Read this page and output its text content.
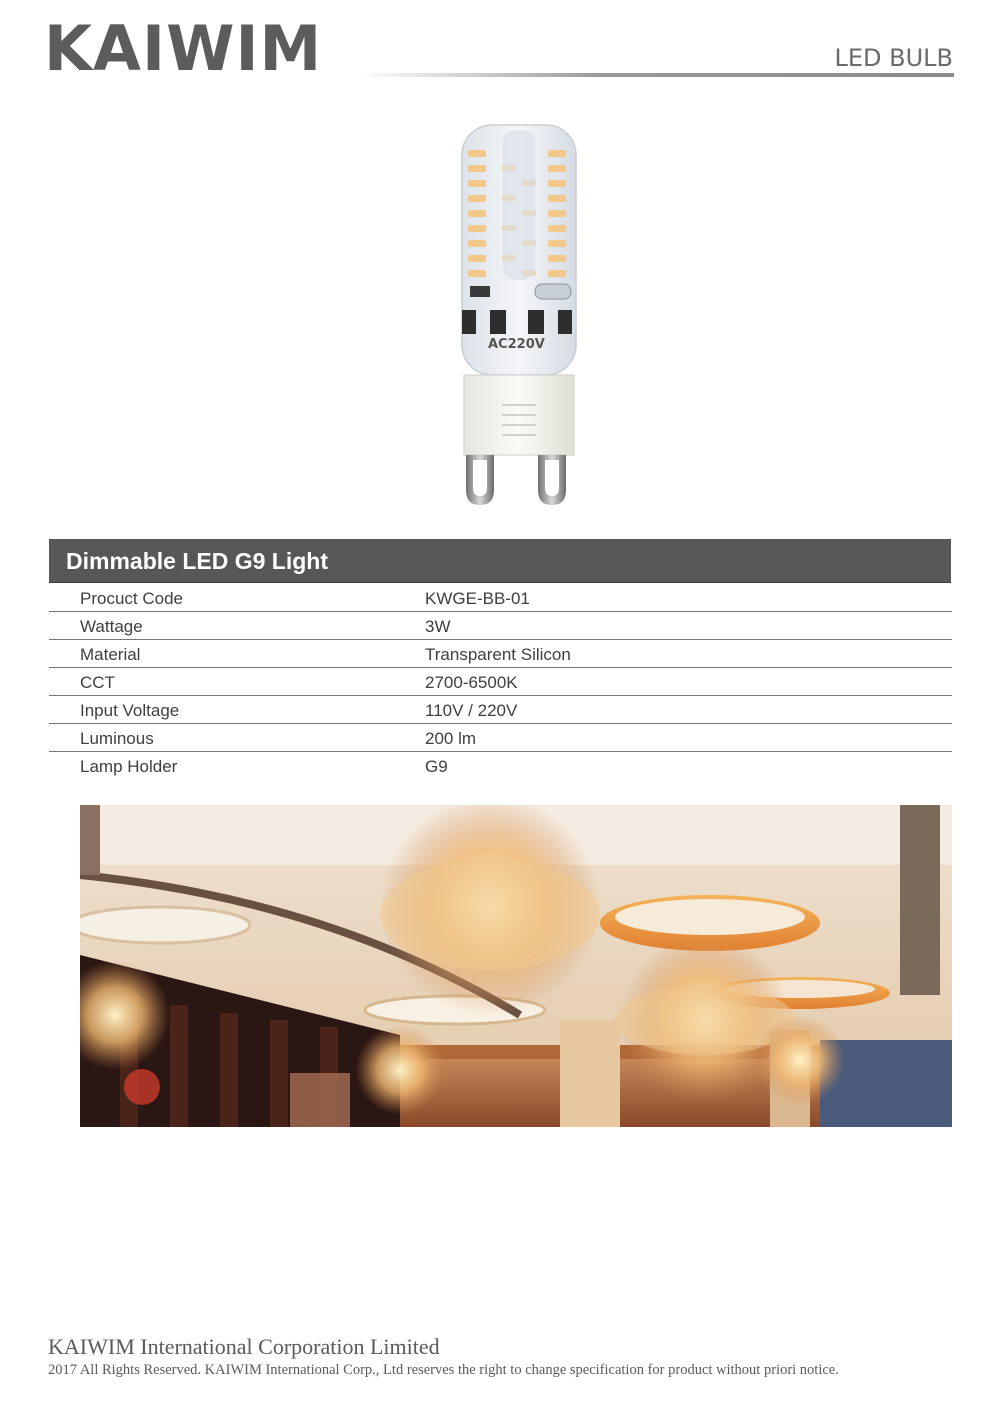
KAIWIM	LED BULB
AC220V
Dimmable LED G9 Light
Procuct Code	KWGE-BB-01
Wattage	3W
Material	Transparent Silicon
CCT	2700-6500K
Input Voltage	110V / 220V
Luminous	200 lm
Lamp Holder	G9
KAIWIM International Corporation Limited
2017 All Rights Reserved. KAIWIM International Corp., Ltd reserves the right to change specification for product without priori notice.
